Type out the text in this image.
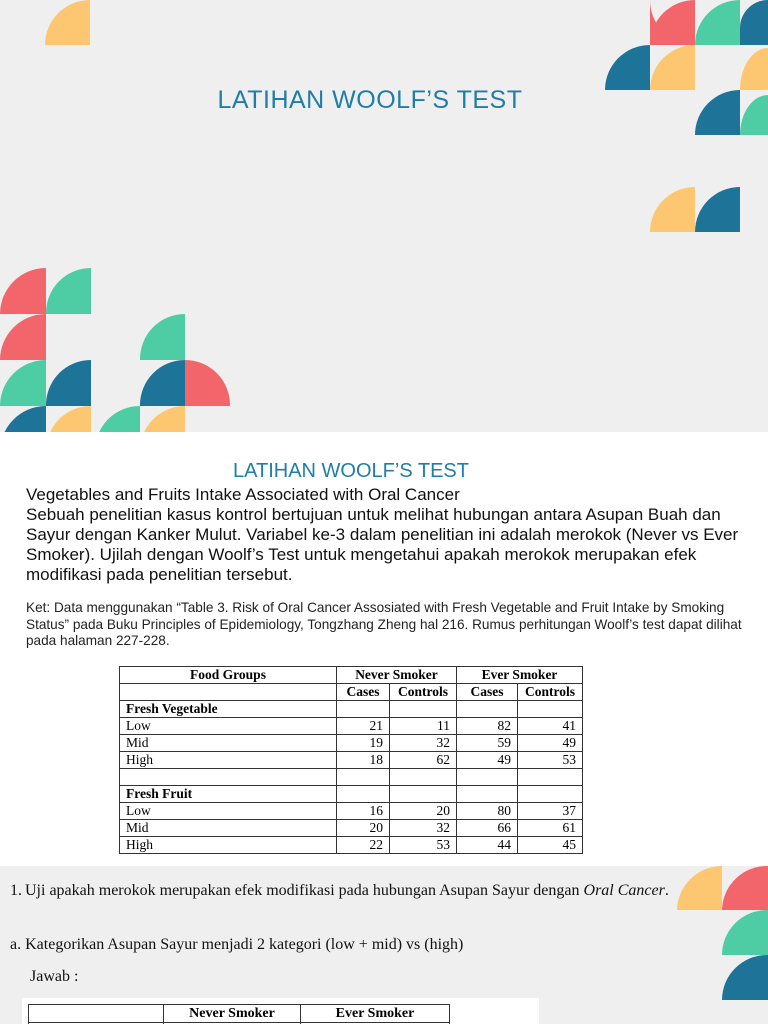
LATIHAN WOOLF’S TEST
LATIHAN WOOLF’S TEST
Vegetables and Fruits Intake Associated with Oral Cancer
Sebuah penelitian kasus kontrol bertujuan untuk melihat hubungan antara Asupan Buah dan Sayur dengan Kanker Mulut. Variabel ke-3 dalam penelitian ini adalah merokok (Never vs Ever Smoker). Ujilah dengan Woolf’s Test untuk mengetahui apakah merokok merupakan efek modifikasi pada penelitian tersebut.
Ket: Data menggunakan “Table 3. Risk of Oral Cancer Assosiated with Fresh Vegetable and Fruit Intake by Smoking Status” pada Buku Principles of Epidemiology, Tongzhang Zheng hal 216. Rumus perhitungan Woolf’s test dapat dilihat pada halaman 227-228.
Food Groups	Never Smoker		Ever Smoker	
	Cases	Controls	Cases	Controls
Fresh Vegetable				
Low	21	11	82	41
Mid	19	32	59	49
High	18	62	49	53

Fresh Fruit				
Low	16	20	80	37
Mid	20	32	66	61
High	22	53	44	45
1. Uji apakah merokok merupakan efek modifikasi pada hubungan Asupan Sayur dengan Oral Cancer.
a. Kategorikan Asupan Sayur menjadi 2 kategori (low + mid) vs (high)
Jawab :
	Never Smoker	Ever Smoker
